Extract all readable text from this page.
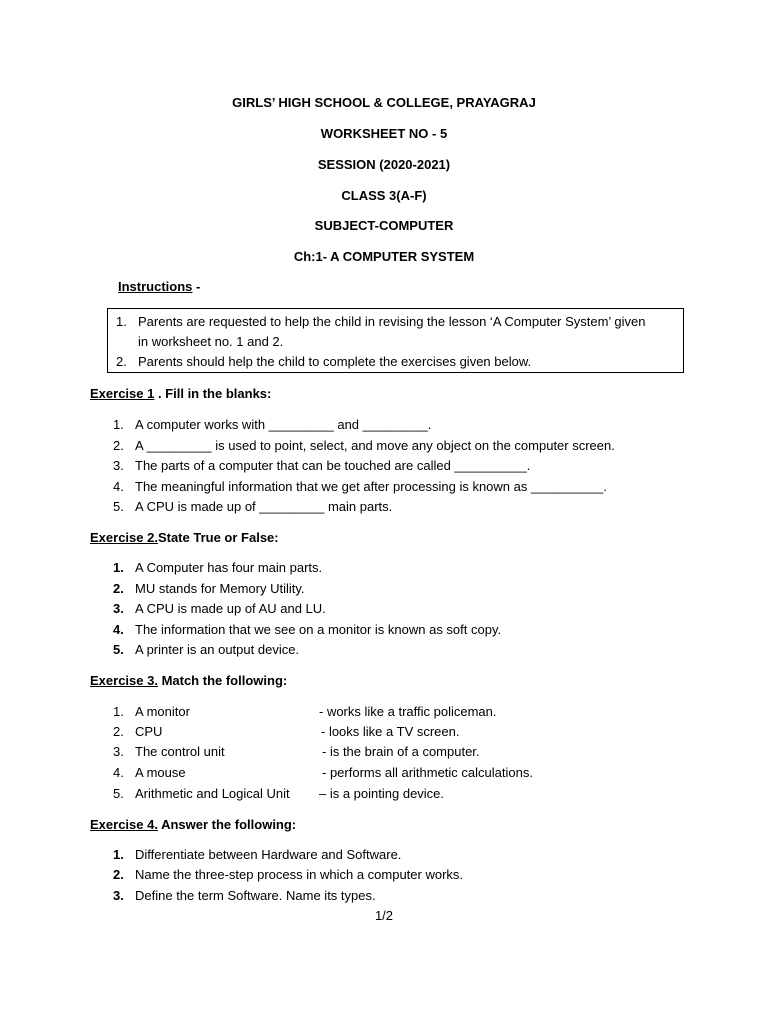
GIRLS’ HIGH SCHOOL & COLLEGE, PRAYAGRAJ
WORKSHEET NO - 5
SESSION (2020-2021)
CLASS 3(A-F)
SUBJECT-COMPUTER
Ch:1- A COMPUTER SYSTEM
Instructions -
1. Parents are requested to help the child in revising the lesson ‘A Computer System’ given
in worksheet no. 1 and 2.
2. Parents should help the child to complete the exercises given below.
Exercise 1 . Fill in the blanks:
1. A computer works with _________ and _________.
2. A _________ is used to point, select, and move any object on the computer screen.
3. The parts of a computer that can be touched are called __________.
4. The meaningful information that we get after processing is known as __________.
5. A CPU is made up of _________ main parts.
Exercise 2.State True or False:
1. A Computer has four main parts.
2. MU stands for Memory Utility.
3. A CPU is made up of AU and LU.
4. The information that we see on a monitor is known as soft copy.
5. A printer is an output device.
Exercise 3. Match the following:
1. A monitor	- works like a traffic policeman.
2. CPU	- looks like a TV screen.
3. The control unit	- is the brain of a computer.
4. A mouse	- performs all arithmetic calculations.
5. Arithmetic and Logical Unit – is a pointing device.
Exercise 4. Answer the following:
1. Differentiate between Hardware and Software.
2. Name the three-step process in which a computer works.
3. Define the term Software. Name its types.
1/2
